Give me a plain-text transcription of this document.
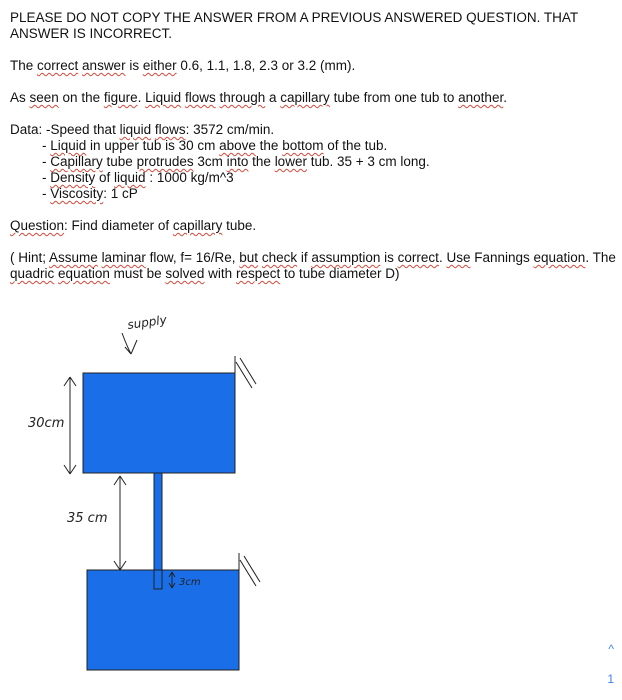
PLEASE DO NOT COPY THE ANSWER FROM A PREVIOUS ANSWERED QUESTION. THAT
ANSWER IS INCORRECT.
The correct answer is either 0.6, 1.1, 1.8, 2.3 or 3.2 (mm).
As seen on the figure. Liquid flows through a capillary tube from one tub to another.
Data: -Speed that liquid flows: 3572 cm/min.
- Liquid in upper tub is 30 cm above the bottom of the tub.
- Capillary tube protrudes 3cm into the lower tub. 35 + 3 cm long.
- Density of liquid : 1000 kg/m^3
- Viscosity: 1 cP
Question: Find diameter of capillary tube.
( Hint; Assume laminar flow, f= 16/Re, but check if assumption is correct. Use Fannings equation. The
quadric equation must be solved with respect to tube diameter D)
supply
30cm
35 cm
3cm
^
1
